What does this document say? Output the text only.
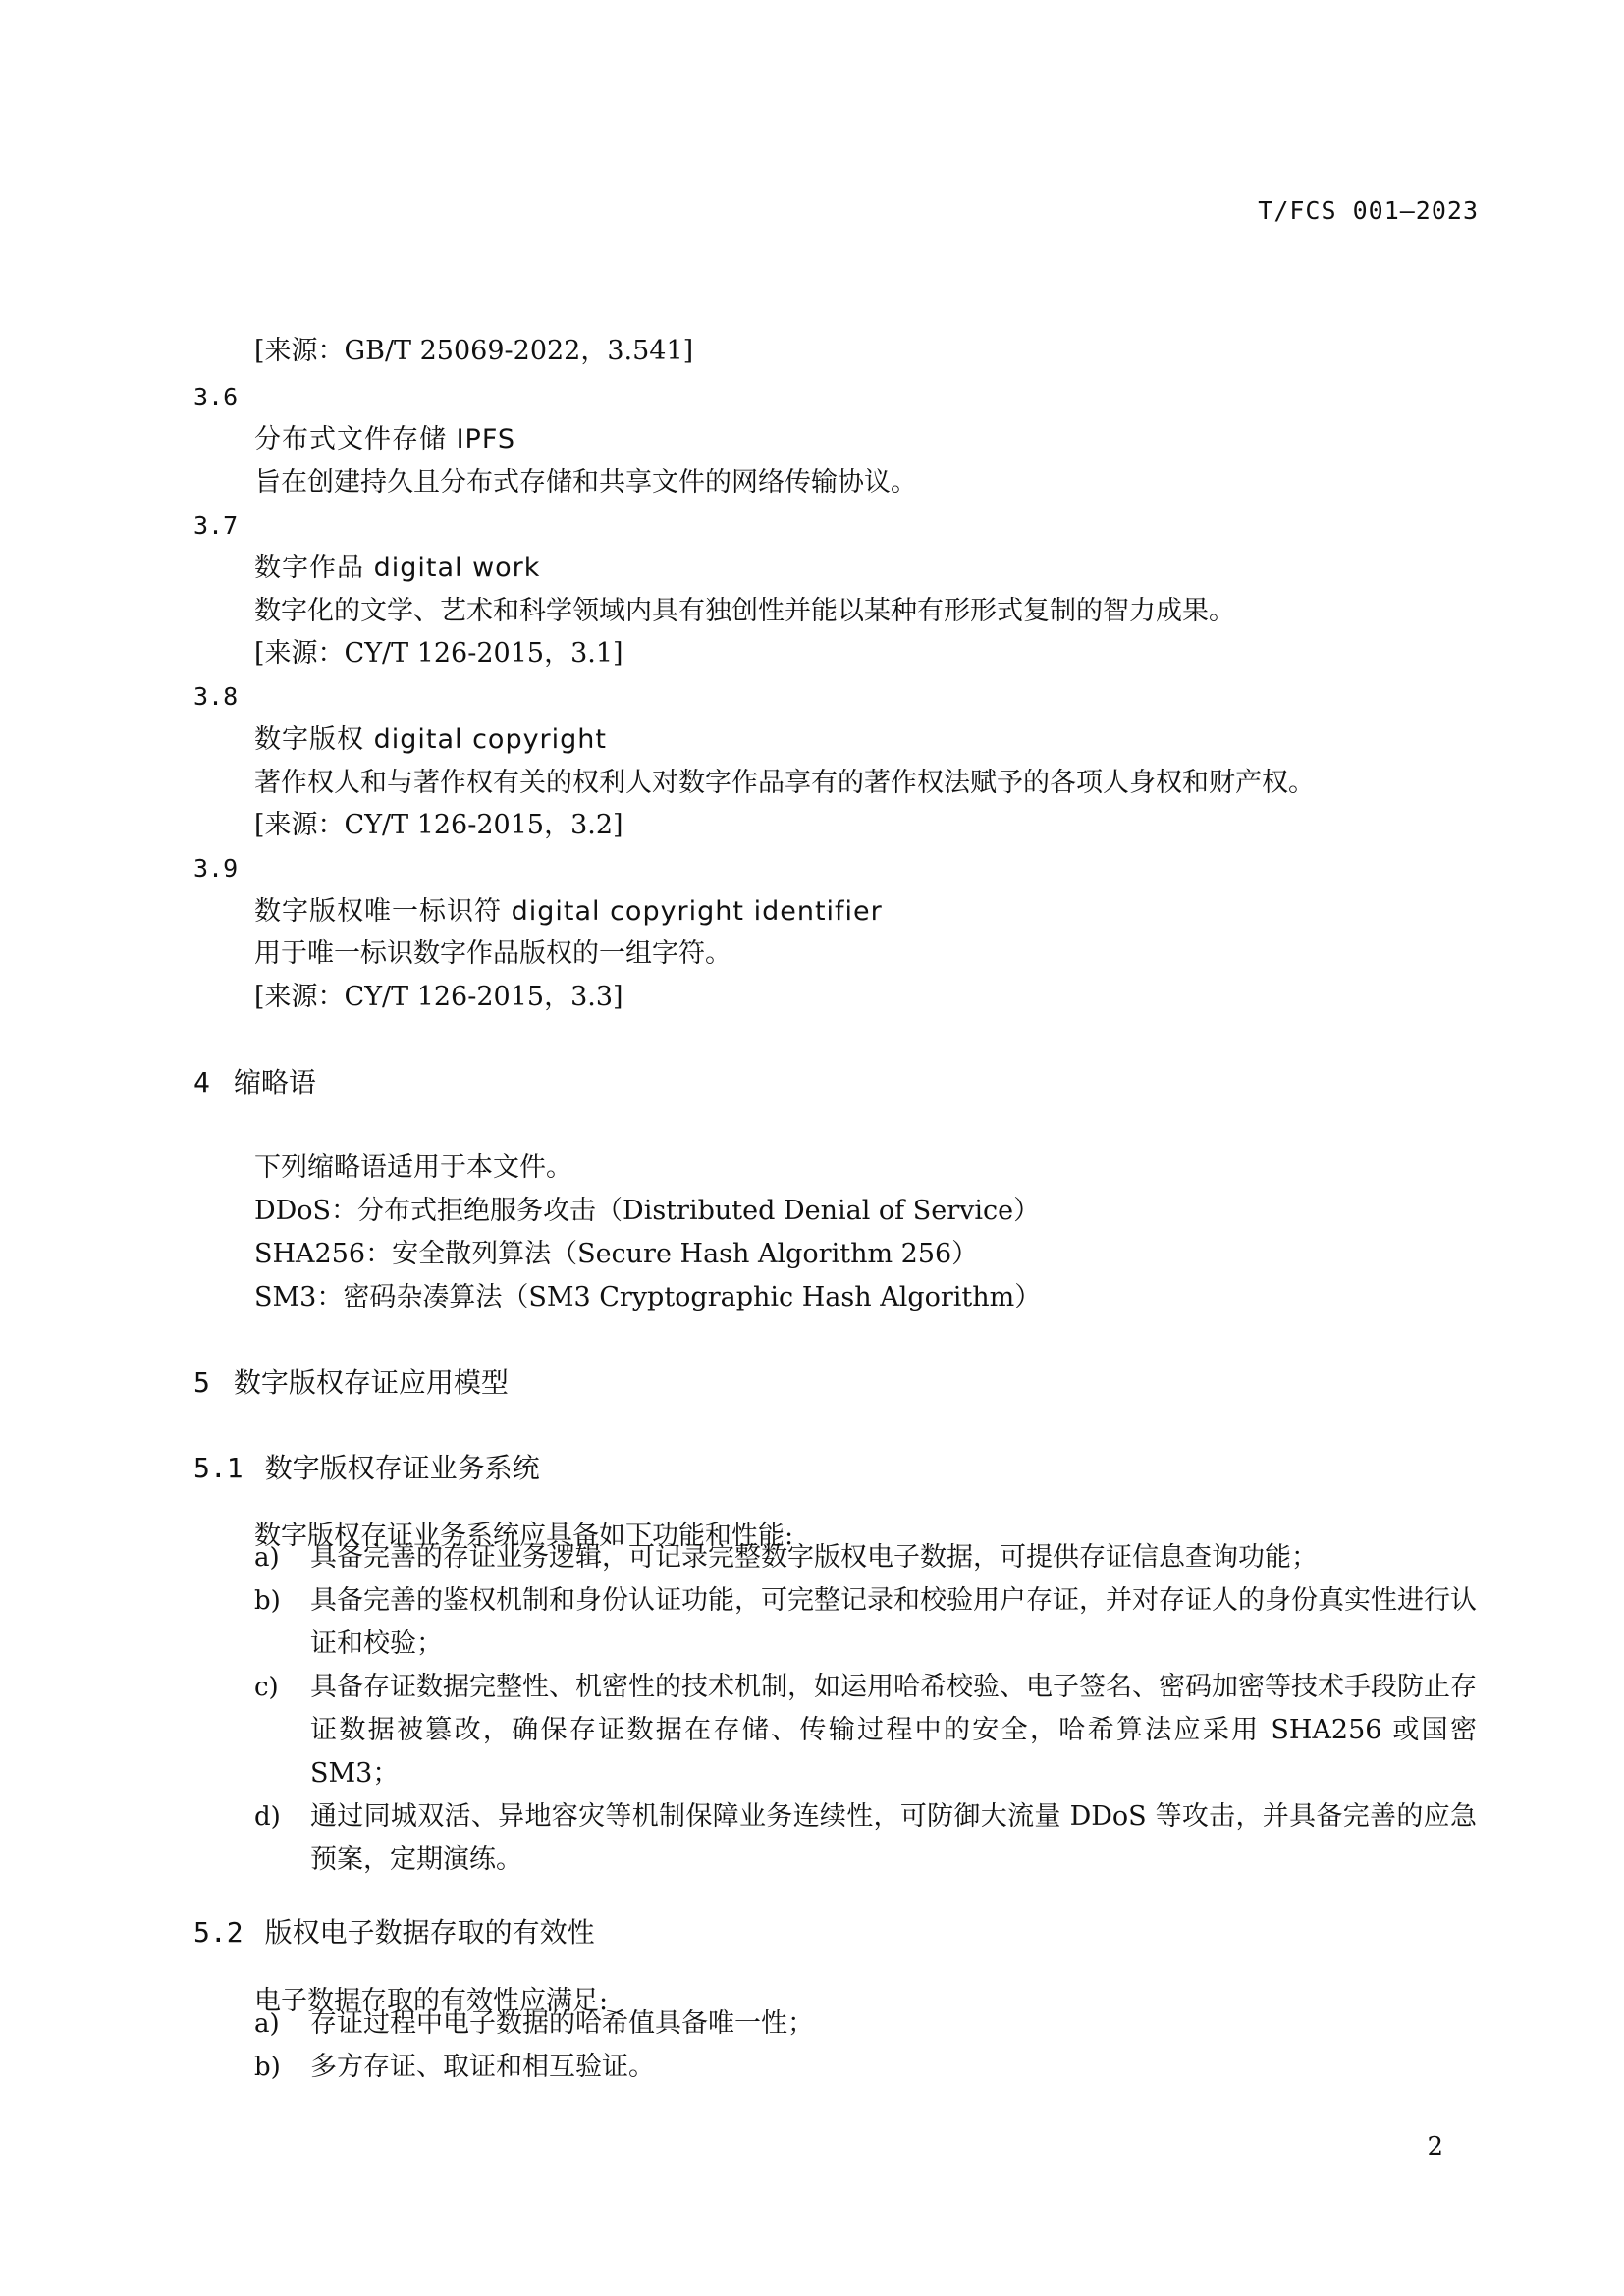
T/FCS 001—2023
[来源：GB/T 25069-2022，3.541]
3.6
分布式文件存储 IPFS
旨在创建持久且分布式存储和共享文件的网络传输协议。
3.7
数字作品 digital work
数字化的文学、艺术和科学领域内具有独创性并能以某种有形形式复制的智力成果。
[来源：CY/T 126-2015，3.1]
3.8
数字版权 digital copyright
著作权人和与著作权有关的权利人对数字作品享有的著作权法赋予的各项人身权和财产权。
[来源：CY/T 126-2015，3.2]
3.9
数字版权唯一标识符 digital copyright identifier
用于唯一标识数字作品版权的一组字符。
[来源：CY/T 126-2015，3.3]
4 缩略语
下列缩略语适用于本文件。
DDoS：分布式拒绝服务攻击（Distributed Denial of Service）
SHA256：安全散列算法（Secure Hash Algorithm 256）
SM3：密码杂凑算法（SM3 Cryptographic Hash Algorithm）
5 数字版权存证应用模型
5.1 数字版权存证业务系统
数字版权存证业务系统应具备如下功能和性能:
a) 具备完善的存证业务逻辑，可记录完整数字版权电子数据，可提供存证信息查询功能；
b) 具备完善的鉴权机制和身份认证功能，可完整记录和校验用户存证，并对存证人的身份真实性进行认证和校验；
c) 具备存证数据完整性、机密性的技术机制，如运用哈希校验、电子签名、密码加密等技术手段防止存证数据被篡改，确保存证数据在存储、传输过程中的安全，哈希算法应采用 SHA256 或国密 SM3；
d) 通过同城双活、异地容灾等机制保障业务连续性，可防御大流量 DDoS 等攻击，并具备完善的应急预案，定期演练。
5.2 版权电子数据存取的有效性
电子数据存取的有效性应满足:
a) 存证过程中电子数据的哈希值具备唯一性；
b) 多方存证、取证和相互验证。
2
